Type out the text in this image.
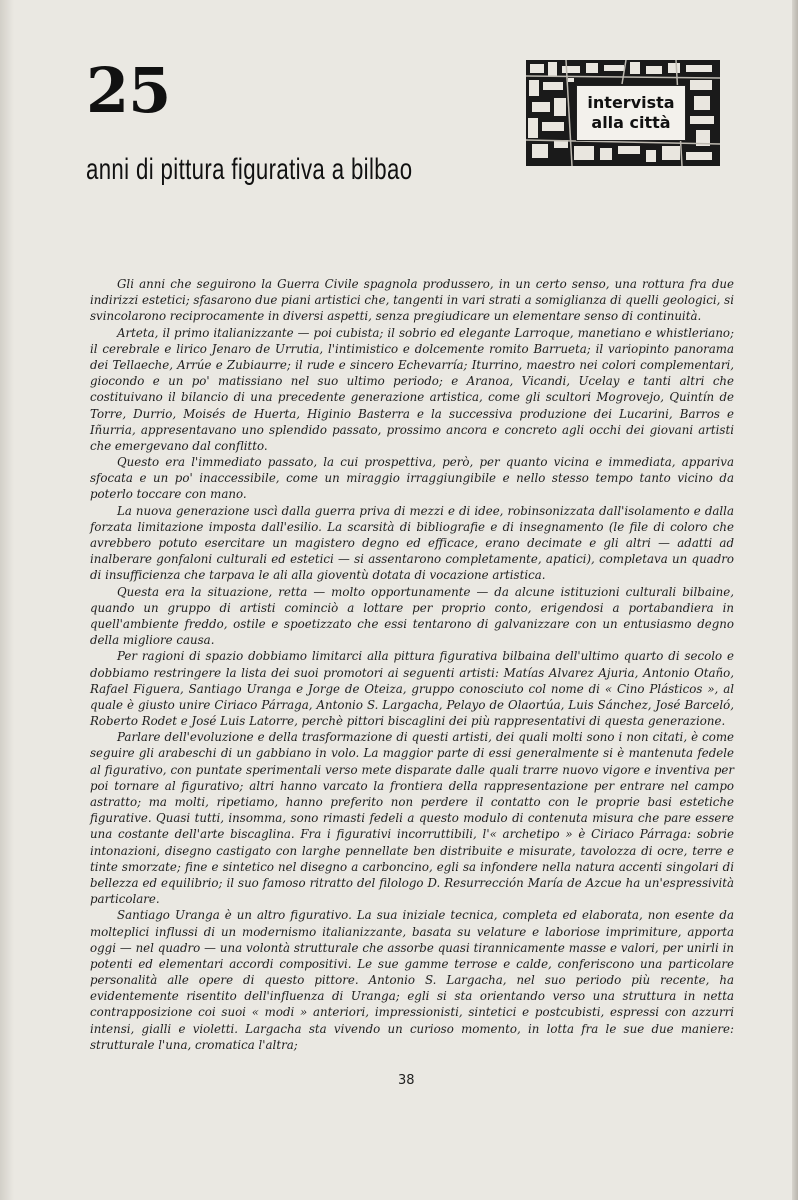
25
anni di pittura figurativa a bilbao
intervista
alla città

Gli anni che seguirono la Guerra Civile spagnola produssero, in un certo senso, una rottura fra due indirizzi estetici; sfasarono due piani artistici che, tangenti in vari strati a somiglianza di quelli geologici, si svincolarono reciprocamente in diversi aspetti, senza pregiudicare un elementare senso di continuità.

Arteta, il primo italianizzante — poi cubista; il sobrio ed elegante Larroque, manetiano e whistleriano; il cerebrale e lirico Jenaro de Urrutia, l'intimistico e dolcemente romito Barrueta; il variopinto panorama dei Tellaeche, Arrúe e Zubiaurre; il rude e sincero Echevarría; Iturrino, maestro nei colori complementari, giocondo e un po' matissiano nel suo ultimo periodo; e Aranoa, Vicandi, Ucelay e tanti altri che costituivano il bilancio di una precedente generazione artistica, come gli scultori Mogrovejo, Quintín de Torre, Durrio, Moisés de Huerta, Higinio Basterra e la successiva produzione dei Lucarini, Barros e Iñurria, appresentavano uno splendido passato, prossimo ancora e concreto agli occhi dei giovani artisti che emergevano dal conflitto.

Questo era l'immediato passato, la cui prospettiva, però, per quanto vicina e immediata, appariva sfocata e un po' inaccessibile, come un miraggio irraggiungibile e nello stesso tempo tanto vicino da poterlo toccare con mano.

La nuova generazione uscì dalla guerra priva di mezzi e di idee, robinsonizzata dall'isolamento e dalla forzata limitazione imposta dall'esilio. La scarsità di bibliografie e di insegnamento (le file di coloro che avrebbero potuto esercitare un magistero degno ed efficace, erano decimate e gli altri — adatti ad inalberare gonfaloni culturali ed estetici — si assentarono completamente, apatici), completava un quadro di insufficienza che tarpava le ali alla gioventù dotata di vocazione artistica.

Questa era la situazione, retta — molto opportunamente — da alcune istituzioni culturali bilbaine, quando un gruppo di artisti cominciò a lottare per proprio conto, erigendosi a portabandiera in quell'ambiente freddo, ostile e spoetizzato che essi tentarono di galvanizzare con un entusiasmo degno della migliore causa.

Per ragioni di spazio dobbiamo limitarci alla pittura figurativa bilbaina dell'ultimo quarto di secolo e dobbiamo restringere la lista dei suoi promotori ai seguenti artisti: Matías Alvarez Ajuria, Antonio Otaño, Rafael Figuera, Santiago Uranga e Jorge de Oteiza, gruppo conosciuto col nome di « Cino Plásticos », al quale è giusto unire Ciriaco Párraga, Antonio S. Largacha, Pelayo de Olaortúa, Luis Sánchez, José Barceló, Roberto Rodet e José Luis Latorre, perchè pittori biscaglini dei più rappresentativi di questa generazione.

Parlare dell'evoluzione e della trasformazione di questi artisti, dei quali molti sono i non citati, è come seguire gli arabeschi di un gabbiano in volo. La maggior parte di essi generalmente si è mantenuta fedele al figurativo, con puntate sperimentali verso mete disparate dalle quali trarre nuovo vigore e inventiva per poi tornare al figurativo; altri hanno varcato la frontiera della rappresentazione per entrare nel campo astratto; ma molti, ripetiamo, hanno preferito non perdere il contatto con le proprie basi estetiche figurative. Quasi tutti, insomma, sono rimasti fedeli a questo modulo di contenuta misura che pare essere una costante dell'arte biscaglina. Fra i figurativi incorruttibili, l'« archetipo » è Ciriaco Párraga: sobrie intonazioni, disegno castigato con larghe pennellate ben distribuite e misurate, tavolozza di ocre, terre e tinte smorzate; fine e sintetico nel disegno a carboncino, egli sa infondere nella natura accenti singolari di bellezza ed equilibrio; il suo famoso ritratto del filologo D. Resurrección María de Azcue ha un'espressività particolare.

Santiago Uranga è un altro figurativo. La sua iniziale tecnica, completa ed elaborata, non esente da molteplici influssi di un modernismo italianizzante, basata su velature e laboriose imprimiture, apporta oggi — nel quadro — una volontà strutturale che assorbe quasi tirannicamente masse e valori, per unirli in potenti ed elementari accordi compositivi. Le sue gamme terrose e calde, conferiscono una particolare personalità alle opere di questo pittore. Antonio S. Largacha, nel suo periodo più recente, ha evidentemente risentito dell'influenza di Uranga; egli si sta orientando verso una struttura in netta contrapposizione coi suoi « modi » anteriori, impressionisti, sintetici e postcubisti, espressi con azzurri intensi, gialli e violetti. Largacha sta vivendo un curioso momento, in lotta fra le sue due maniere: strutturale l'una, cromatica l'altra;

38
